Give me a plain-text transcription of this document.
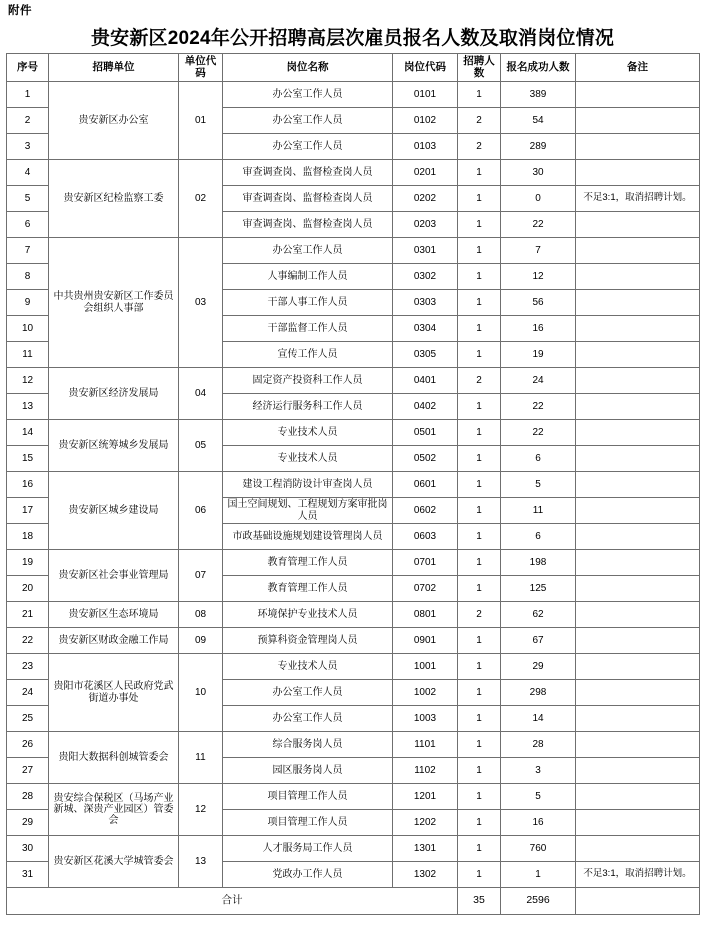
附件
贵安新区2024年公开招聘高层次雇员报名人数及取消岗位情况
序号	招聘单位	单位代码	岗位名称	岗位代码	招聘人数	报名成功人数	备注
1	贵安新区办公室	01	办公室工作人员	0101	1	389	
2			办公室工作人员	0102	2	54	
3			办公室工作人员	0103	2	289	
4	贵安新区纪检监察工委	02	审查调查岗、监督检查岗人员	0201	1	30	
5			审查调查岗、监督检查岗人员	0202	1	0	不足3:1，取消招聘计划。
6			审查调查岗、监督检查岗人员	0203	1	22	
7	中共贵州贵安新区工作委员会组织人事部	03	办公室工作人员	0301	1	7	
8			人事编制工作人员	0302	1	12	
9			干部人事工作人员	0303	1	56	
10			干部监督工作人员	0304	1	16	
11			宣传工作人员	0305	1	19	
12	贵安新区经济发展局	04	固定资产投资科工作人员	0401	2	24	
13			经济运行服务科工作人员	0402	1	22	
14	贵安新区统筹城乡发展局	05	专业技术人员	0501	1	22	
15			专业技术人员	0502	1	6	
16	贵安新区城乡建设局	06	建设工程消防设计审查岗人员	0601	1	5	
17			国土空间规划、工程规划方案审批岗人员	0602	1	11	
18			市政基础设施规划建设管理岗人员	0603	1	6	
19	贵安新区社会事业管理局	07	教育管理工作人员	0701	1	198	
20			教育管理工作人员	0702	1	125	
21	贵安新区生态环境局	08	环境保护专业技术人员	0801	2	62	
22	贵安新区财政金融工作局	09	预算科资金管理岗人员	0901	1	67	
23	贵阳市花溪区人民政府党武街道办事处	10	专业技术人员	1001	1	29	
24			办公室工作人员	1002	1	298	
25			办公室工作人员	1003	1	14	
26	贵阳大数据科创城管委会	11	综合服务岗人员	1101	1	28	
27			园区服务岗人员	1102	1	3	
28	贵安综合保税区（马场产业新城、深贵产业园区）管委会	12	项目管理工作人员	1201	1	5	
29			项目管理工作人员	1202	1	16	
30	贵安新区花溪大学城管委会	13	人才服务局工作人员	1301	1	760	
31			党政办工作人员	1302	1	1	不足3:1，取消招聘计划。
合计					35	2596	
